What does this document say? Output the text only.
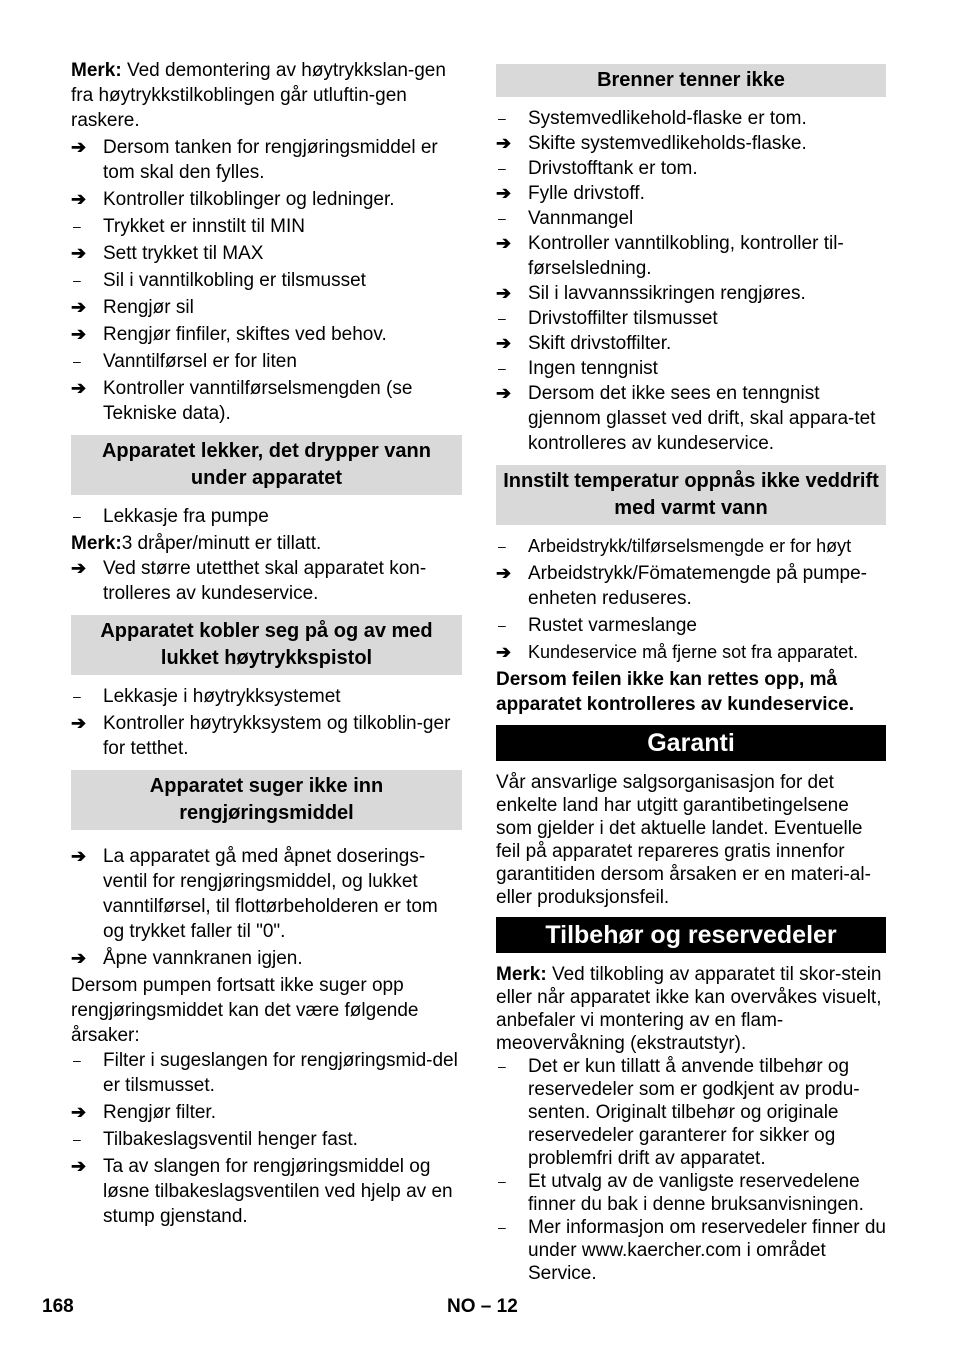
Merk: Ved demontering av høytrykkslan-gen fra høytrykkstilkoblingen går utluftin-gen raskere.

➔ Dersom tanken for rengjøringsmiddel er tom skal den fylles.
➔ Kontroller tilkoblinger og ledninger.
–	Trykket er innstilt til MIN
➔ Sett trykket til MAX
–	Sil i vanntilkobling er tilsmusset
➔ Rengjør sil
➔ Rengjør finfiler, skiftes ved behov.
–	Vanntilførsel er for liten
➔ Kontroller vanntilførselsmengden (se Tekniske data).
Apparatet lekker, det drypper vann under apparatet
–	Lekkasje fra pumpe

Merk:3 dråper/minutt er tillatt.

➔ Ved større utetthet skal apparatet kon-trolleres av kundeservice.
Apparatet kobler seg på og av med lukket høytrykkspistol
–	Lekkasje i høytrykksystemet
➔ Kontroller høytrykksystem og tilkoblin-ger for tetthet.
Apparatet suger ikke inn rengjøringsmiddel
➔ La apparatet gå med åpnet doserings-ventil for rengjøringsmiddel, og lukket vanntilførsel, til flottørbeholderen er tom og trykket faller til "0".
➔ Åpne vannkranen igjen.

Dersom pumpen fortsatt ikke suger opp rengjøringsmiddet kan det være følgende årsaker:

–	Filter i sugeslangen for rengjøringsmid-del er tilsmusset.
➔ Rengjør filter.
–	Tilbakeslagsventil henger fast.
➔ Ta av slangen for rengjøringsmiddel og løsne tilbakeslagsventilen ved hjelp av en stump gjenstand.
Brenner tenner ikke
–	Systemvedlikehold-flaske er tom.
➔ Skifte systemvedlikeholds-flaske.
–	Drivstofftank er tom.
➔ Fylle drivstoff.
–	Vannmangel
➔ Kontroller vanntilkobling, kontroller til-førselsledning.
➔ Sil i lavvannssikringen rengjøres.
–	Drivstoffilter tilsmusset
➔ Skift drivstoffilter.
–	Ingen tenngnist
➔ Dersom det ikke sees en tenngnist gjennom glasset ved drift, skal appara-tet kontrolleres av kundeservice.
Innstilt temperatur oppnås ikke veddrift med varmt vann
–	Arbeidstrykk/tilførselsmengde er for høyt
➔ Arbeidstrykk/Fömatemengde på pumpe-enheten reduseres.
–	Rustet varmeslange
➔ Kundeservice må fjerne sot fra apparatet.

Dersom feilen ikke kan rettes opp, må apparatet kontrolleres av kundeservice.

Garanti

Vår ansvarlige salgsorganisasjon for det enkelte land har utgitt garantibetingelsene som gjelder i det aktuelle landet. Eventuelle feil på apparatet repareres gratis innenfor garantitiden dersom årsaken er en materi-al- eller produksjonsfeil.

Tilbehør og reservedeler

Merk: Ved tilkobling av apparatet til skor-stein eller når apparatet ikke kan overvåkes visuelt, anbefaler vi montering av en flam-meovervåkning (ekstrautstyr).

–	Det er kun tillatt å anvende tilbehør og reservedeler som er godkjent av produ-senten. Originalt tilbehør og originale reservedeler garanterer for sikker og problemfri drift av apparatet.
–	Et utvalg av de vanligste reservedelene finner du bak i denne bruksanvisningen.
–	Mer informasjon om reservedeler finner du under www.kaercher.com i området Service.
168	NO – 12
